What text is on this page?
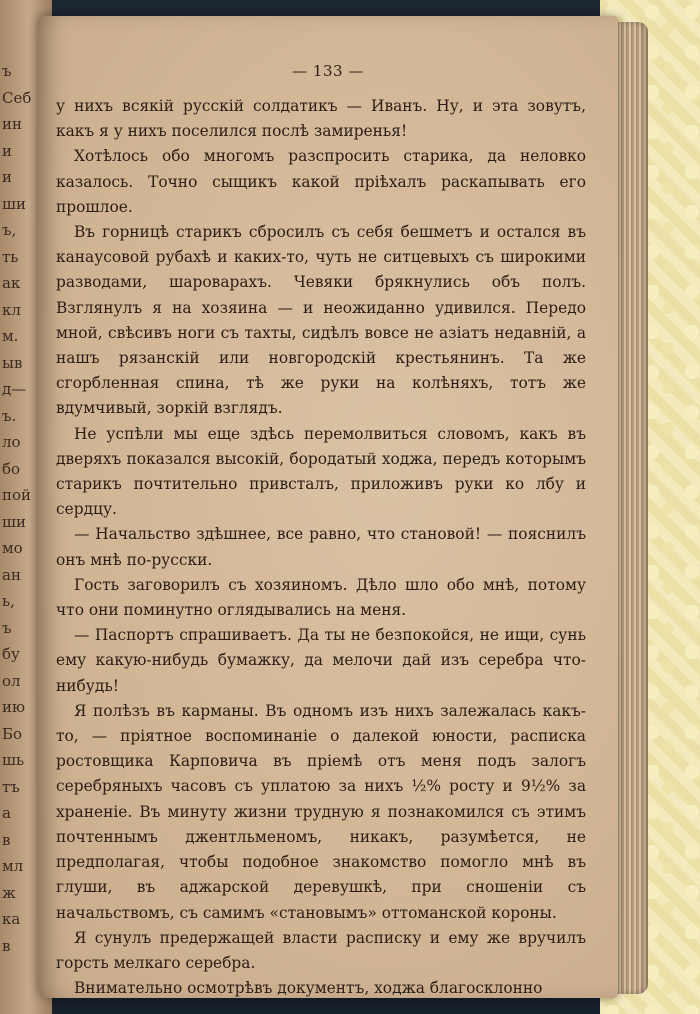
ъ
Себ
ин
и
и
ши
ъ,
ть
ак
кл
м.
ыв
д—
ъ.
ло
бо
пой
ши
мо
ан
ь,
ъ
бу
ол
ию
Бо
шь
тъ
а
в
мл
ж
ка
в
— 133 —

у нихъ всякій русскій солдатикъ — Иванъ. Ну, и эта зовутъ, какъ я у нихъ поселился послѣ замиренья!

Хотѣлось обо многомъ разспросить старика, да неловко казалось. Точно сыщикъ какой пріѣхалъ раскапывать его прошлое.

Въ горницѣ старикъ сбросилъ съ себя бешметъ и остался въ канаусовой рубахѣ и каких-то, чуть не ситцевыхъ съ широкими разводами, шароварахъ. Чевяки брякнулись объ полъ. Взглянулъ я на хозяина — и неожиданно удивился. Передо мной, свѣсивъ ноги съ тахты, сидѣлъ вовсе не азіатъ недавній, а нашъ рязанскій или новгородскій крестьянинъ. Та же сгорбленная спина, тѣ же руки на колѣняхъ, тотъ же вдумчивый, зоркій взглядъ.

Не успѣли мы еще здѣсь перемолвиться словомъ, какъ въ дверяхъ показался высокій, бородатый ходжа, передъ которымъ старикъ почтительно привсталъ, приложивъ руки ко лбу и сердцу.

— Начальство здѣшнее, все равно, что становой! — пояснилъ онъ мнѣ по-русски.

Гость заговорилъ съ хозяиномъ. Дѣло шло обо мнѣ, потому что они поминутно оглядывались на меня.

— Паспортъ спрашиваетъ. Да ты не безпокойся, не ищи, сунь ему какую-нибудь бумажку, да мелочи дай изъ серебра что-нибудь!

Я полѣзъ въ карманы. Въ одномъ изъ нихъ залежалась какъ-то, — пріятное воспоминаніе о далекой юности, расписка ростовщика Карповича въ пріемѣ отъ меня подъ залогъ серебряныхъ часовъ съ уплатою за нихъ ½% росту и 9½% за храненіе. Въ минуту жизни трудную я познакомился съ этимъ почтеннымъ джентльменомъ, никакъ, разумѣется, не предполагая, чтобы подобное знакомство помогло мнѣ въ глуши, въ аджарской деревушкѣ, при сношеніи съ начальствомъ, съ самимъ «становымъ» оттоманской короны.

Я сунулъ предержащей власти расписку и ему же вручилъ горсть мелкаго серебра.

Внимательно осмотрѣвъ документъ, ходжа благосклонно
